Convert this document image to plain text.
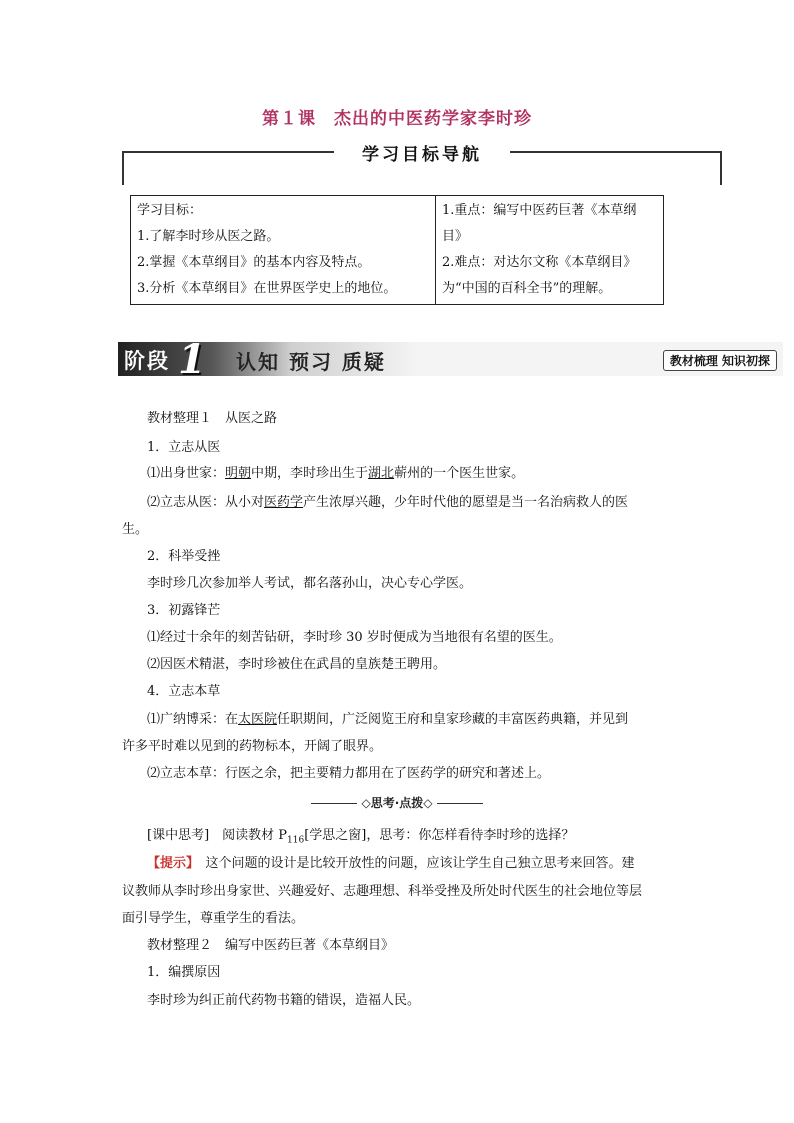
第１课　杰出的中医药学家李时珍
学习目标导航
学习目标：
1.了解李时珍从医之路。
2.掌握《本草纲目》的基本内容及特点。
3.分析《本草纲目》在世界医学史上的地位。

1.重点：编写中医药巨著《本草纲
目》
2.难点：对达尔文称《本草纲目》
为“中国的百科全书”的理解。
阶段 1 认知 预习 质疑	教材梳理 知识初探
教材整理１　从医之路
1．立志从医
⑴出身世家：明朝中期，李时珍出生于湖北蕲州的一个医生世家。
⑵立志从医：从小对医药学产生浓厚兴趣，少年时代他的愿望是当一名治病救人的医
生。
2．科举受挫
李时珍几次参加举人考试，都名落孙山，决心专心学医。
3．初露锋芒
⑴经过十余年的刻苦钻研，李时珍 30 岁时便成为当地很有名望的医生。
⑵因医术精湛，李时珍被住在武昌的皇族楚王聘用。
4．立志本草
⑴广纳博采：在太医院任职期间，广泛阅览王府和皇家珍藏的丰富医药典籍，并见到
许多平时难以见到的药物标本，开阔了眼界。
⑵立志本草：行医之余，把主要精力都用在了医药学的研究和著述上。
◇思考·点拨◇
[课中思考]　阅读教材 $P_{116}$[学思之窗]，思考：你怎样看待李时珍的选择？
【提示】　这个问题的设计是比较开放性的问题，应该让学生自己独立思考来回答。建
议教师从李时珍出身家世、兴趣爱好、志趣理想、科举受挫及所处时代医生的社会地位等层
面引导学生，尊重学生的看法。
教材整理２　编写中医药巨著《本草纲目》
1．编撰原因
李时珍为纠正前代药物书籍的错误，造福人民。
